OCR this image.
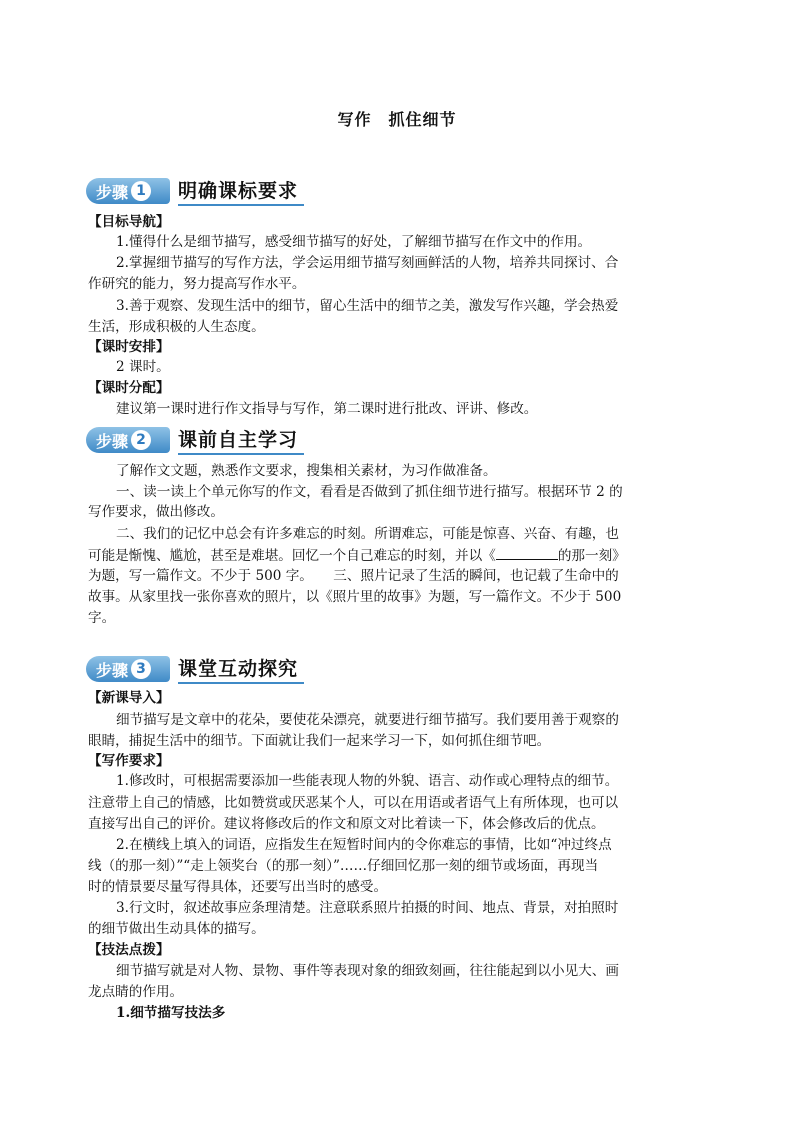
写作　抓住细节
步骤 1 明确课标要求
【目标导航】
1.懂得什么是细节描写，感受细节描写的好处，了解细节描写在作文中的作用。
2.掌握细节描写的写作方法，学会运用细节描写刻画鲜活的人物，培养共同探讨、合
作研究的能力，努力提高写作水平。
3.善于观察、发现生活中的细节，留心生活中的细节之美，激发写作兴趣，学会热爱
生活，形成积极的人生态度。
【课时安排】
2 课时。
【课时分配】
建议第一课时进行作文指导与写作，第二课时进行批改、评讲、修改。
步骤 2 课前自主学习
了解作文文题，熟悉作文要求，搜集相关素材，为习作做准备。
一、读一读上个单元你写的作文，看看是否做到了抓住细节进行描写。根据环节 2 的
写作要求，做出修改。
二、我们的记忆中总会有许多难忘的时刻。所谓难忘，可能是惊喜、兴奋、有趣，也
可能是惭愧、尴尬，甚至是难堪。回忆一个自己难忘的时刻，并以《	的那一刻》
为题，写一篇作文。不少于 500 字。　　三、照片记录了生活的瞬间，也记载了生命中的
故事。从家里找一张你喜欢的照片，以《照片里的故事》为题，写一篇作文。不少于 500
字。
步骤 3 课堂互动探究
【新课导入】
细节描写是文章中的花朵，要使花朵漂亮，就要进行细节描写。我们要用善于观察的
眼睛，捕捉生活中的细节。下面就让我们一起来学习一下，如何抓住细节吧。
【写作要求】
1.修改时，可根据需要添加一些能表现人物的外貌、语言、动作或心理特点的细节。
注意带上自己的情感，比如赞赏或厌恶某个人，可以在用语或者语气上有所体现，也可以
直接写出自己的评价。建议将修改后的作文和原文对比着读一下，体会修改后的优点。
2.在横线上填入的词语，应指发生在短暂时间内的令你难忘的事情，比如“冲过终点
线（的那一刻）”“走上领奖台（的那一刻）”……仔细回忆那一刻的细节或场面，再现当
时的情景要尽量写得具体，还要写出当时的感受。
3.行文时，叙述故事应条理清楚。注意联系照片拍摄的时间、地点、背景，对拍照时
的细节做出生动具体的描写。
【技法点拨】
细节描写就是对人物、景物、事件等表现对象的细致刻画，往往能起到以小见大、画
龙点睛的作用。
1.细节描写技法多
